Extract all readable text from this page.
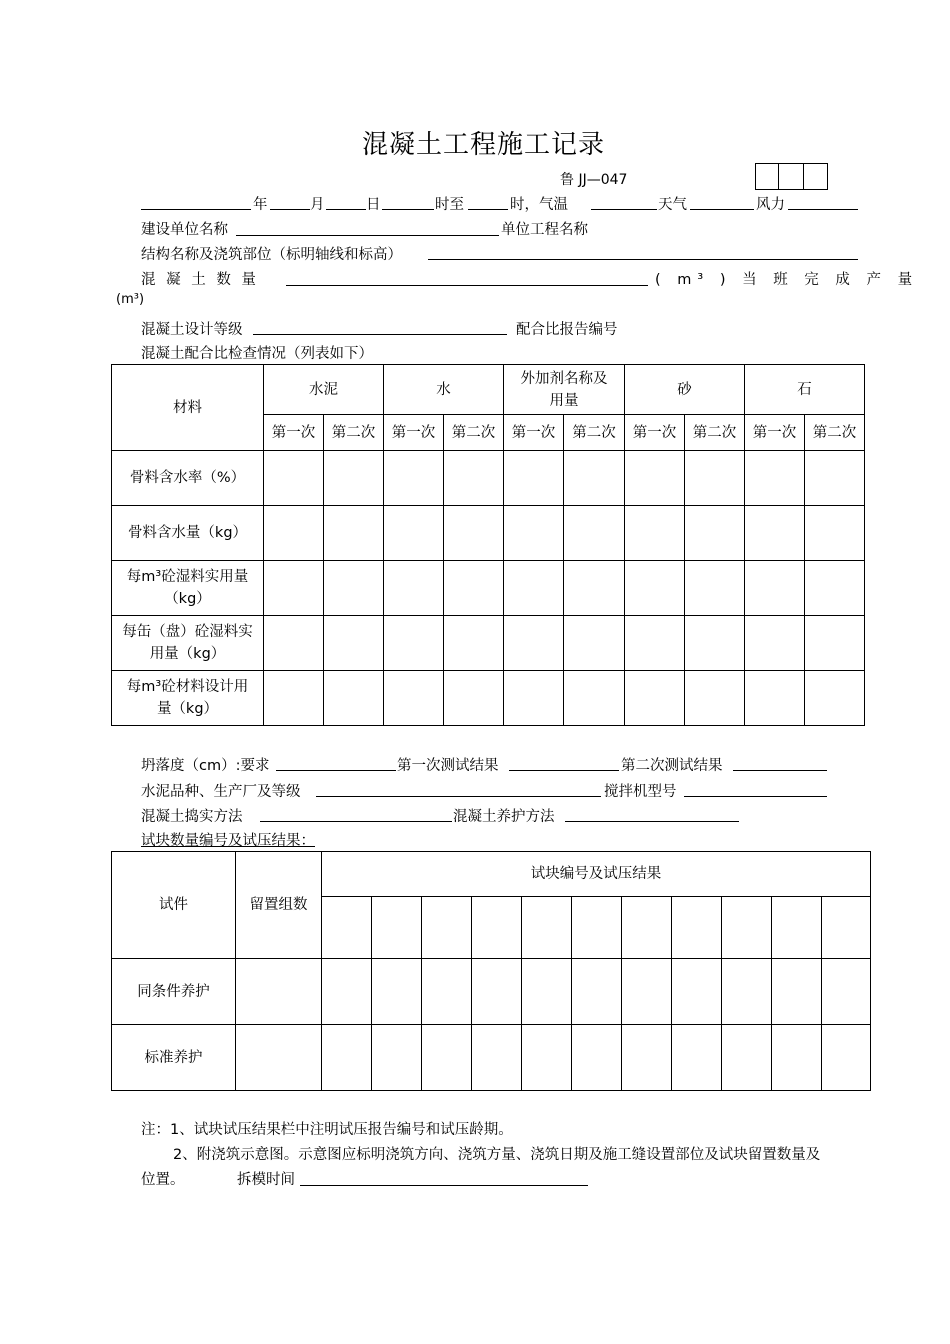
混凝土工程施工记录
鲁 JJ—047
年	月	日	时至	时，气温	天气	风力
建设单位名称	单位工程名称
结构名称及浇筑部位（标明轴线和标高）
混 凝 土 数 量	( m³ ) 当 班 完 成 产 量
(m³)
混凝土设计等级	配合比报告编号
混凝土配合比检查情况（列表如下）
材料	水泥		水		外加剂名称及用量		砂		石	
	第一次	第二次	第一次	第二次	第一次	第二次	第一次	第二次	第一次	第二次
骨料含水率（%）										
骨料含水量（kg）										
每m³砼湿料实用量（kg）										
每缶（盘）砼湿料实用量（kg）										
每m³砼材料设计用量（kg）										
坍落度（cm）:要求	第一次测试结果	第二次测试结果
水泥品种、生产厂及等级	搅拌机型号
混凝土捣实方法	混凝土养护方法
试块数量编号及试压结果：
试件	留置组数	试块编号及试压结果										

同条件养护												
标准养护												
注：1、试块试压结果栏中注明试压报告编号和试压龄期。
2、附浇筑示意图。示意图应标明浇筑方向、浇筑方量、浇筑日期及施工缝设置部位及试块留置数量及
位置。	拆模时间
